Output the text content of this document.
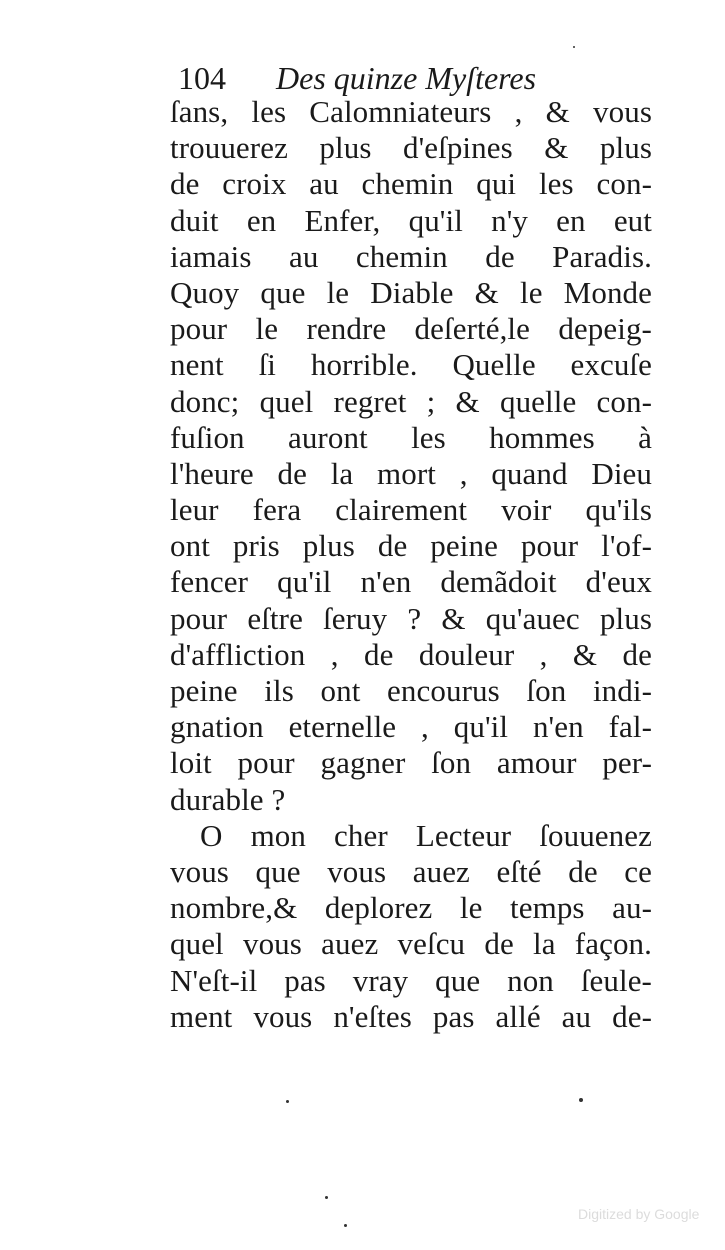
104 Des quinze Myſteres
ſans, les Calomniateurs , & vous
trouuerez plus d'eſpines & plus
de croix au chemin qui les con-
duit en Enfer, qu'il n'y en eut
iamais au chemin de Paradis.
Quoy que le Diable & le Monde
pour le rendre deſerté,le depeig-
nent ſi horrible. Quelle excuſe
donc; quel regret ; & quelle con-
fuſion auront les hommes à
l'heure de la mort , quand Dieu
leur fera clairement voir qu'ils
ont pris plus de peine pour l'of-
fencer qu'il n'en demãdoit d'eux
pour eſtre ſeruy ? & qu'auec plus
d'affliction , de douleur , & de
peine ils ont encourus ſon indi-
gnation eternelle , qu'il n'en fal-
loit pour gagner ſon amour per-
durable ?
O mon cher Lecteur ſouuenez
vous que vous auez eſté de ce
nombre,& deplorez le temps au-
quel vous auez veſcu de la façon.
N'eſt-il pas vray que non ſeule-
ment vous n'eſtes pas allé au de-
Digitized by Google
